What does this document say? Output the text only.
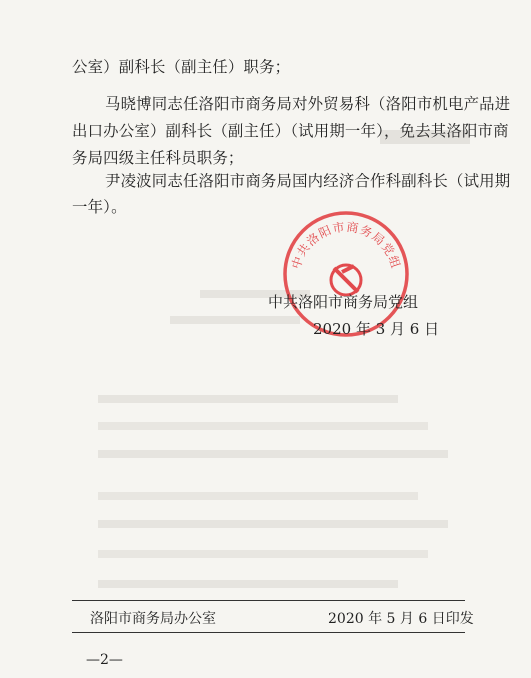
公室）副科长（副主任）职务；
马晓博同志任洛阳市商务局对外贸易科（洛阳市机电产品进
出口办公室）副科长（副主任）（试用期一年），免去其洛阳市商
务局四级主任科员职务；
尹凌波同志任洛阳市商务局国内经济合作科副科长（试用期
一年）。
中共洛阳市商务局党组
中共洛阳市商务局党组
2020 年 3 月 6 日
洛阳市商务局办公室	2020 年 5 月 6 日印发
—2—
